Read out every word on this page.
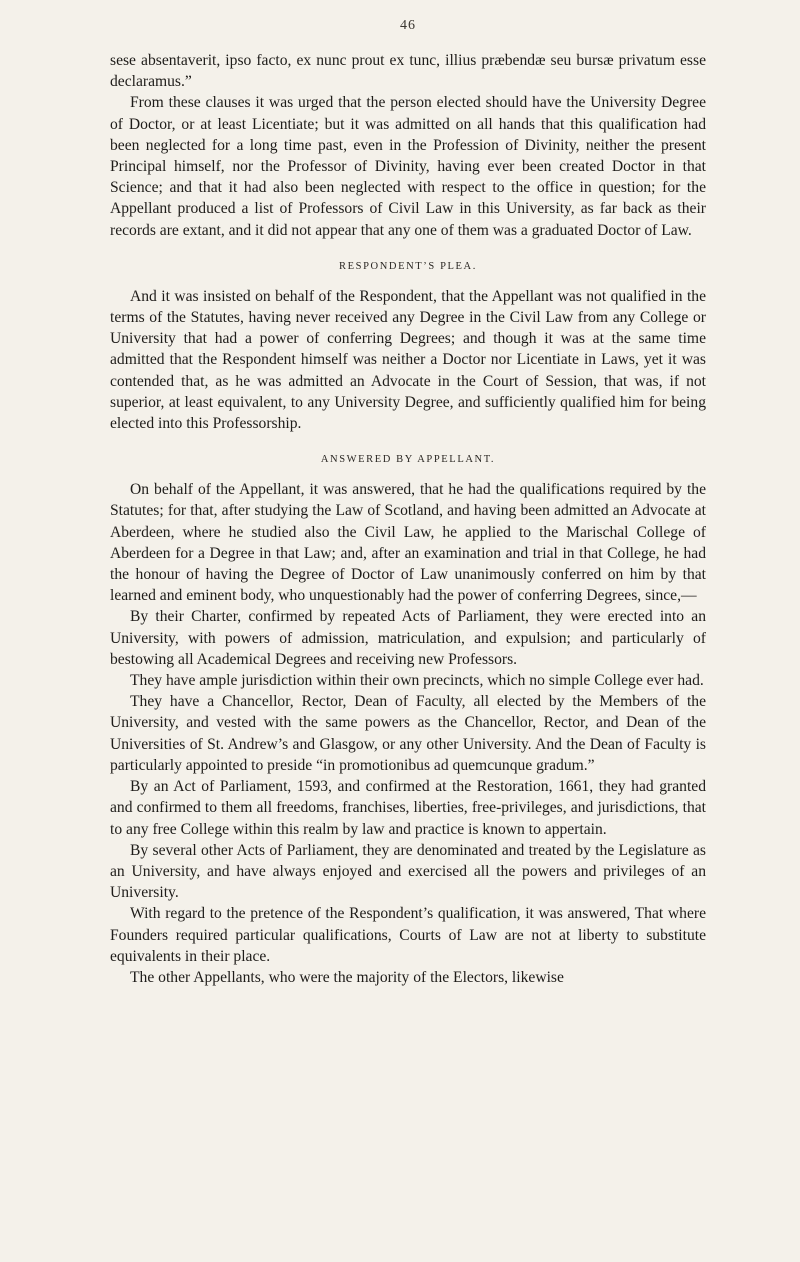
46

sese absentaverit, ipso facto, ex nunc prout ex tunc, illius præbendæ seu bursæ privatum esse declaramus.”

From these clauses it was urged that the person elected should have the University Degree of Doctor, or at least Licentiate; but it was admitted on all hands that this qualification had been neglected for a long time past, even in the Profession of Divinity, neither the present Principal himself, nor the Professor of Divinity, having ever been created Doctor in that Science; and that it had also been neglected with respect to the office in question; for the Appellant produced a list of Professors of Civil Law in this University, as far back as their records are extant, and it did not appear that any one of them was a graduated Doctor of Law.

RESPONDENT’S PLEA.

And it was insisted on behalf of the Respondent, that the Appellant was not qualified in the terms of the Statutes, having never received any Degree in the Civil Law from any College or University that had a power of conferring Degrees; and though it was at the same time admitted that the Respondent himself was neither a Doctor nor Licentiate in Laws, yet it was contended that, as he was admitted an Advocate in the Court of Session, that was, if not superior, at least equivalent, to any University Degree, and sufficiently qualified him for being elected into this Professorship.

ANSWERED BY APPELLANT.

On behalf of the Appellant, it was answered, that he had the qualifications required by the Statutes; for that, after studying the Law of Scotland, and having been admitted an Advocate at Aberdeen, where he studied also the Civil Law, he applied to the Marischal College of Aberdeen for a Degree in that Law; and, after an examination and trial in that College, he had the honour of having the Degree of Doctor of Law unanimously conferred on him by that learned and eminent body, who unquestionably had the power of conferring Degrees, since,—

By their Charter, confirmed by repeated Acts of Parliament, they were erected into an University, with powers of admission, matriculation, and expulsion; and particularly of bestowing all Academical Degrees and receiving new Professors.

They have ample jurisdiction within their own precincts, which no simple College ever had.

They have a Chancellor, Rector, Dean of Faculty, all elected by the Members of the University, and vested with the same powers as the Chancellor, Rector, and Dean of the Universities of St. Andrew’s and Glasgow, or any other University. And the Dean of Faculty is particularly appointed to preside “in promotionibus ad quemcunque gradum.”

By an Act of Parliament, 1593, and confirmed at the Restoration, 1661, they had granted and confirmed to them all freedoms, franchises, liberties, free-privileges, and jurisdictions, that to any free College within this realm by law and practice is known to appertain.

By several other Acts of Parliament, they are denominated and treated by the Legislature as an University, and have always enjoyed and exercised all the powers and privileges of an University.

With regard to the pretence of the Respondent’s qualification, it was answered, That where Founders required particular qualifications, Courts of Law are not at liberty to substitute equivalents in their place.

The other Appellants, who were the majority of the Electors, likewise
